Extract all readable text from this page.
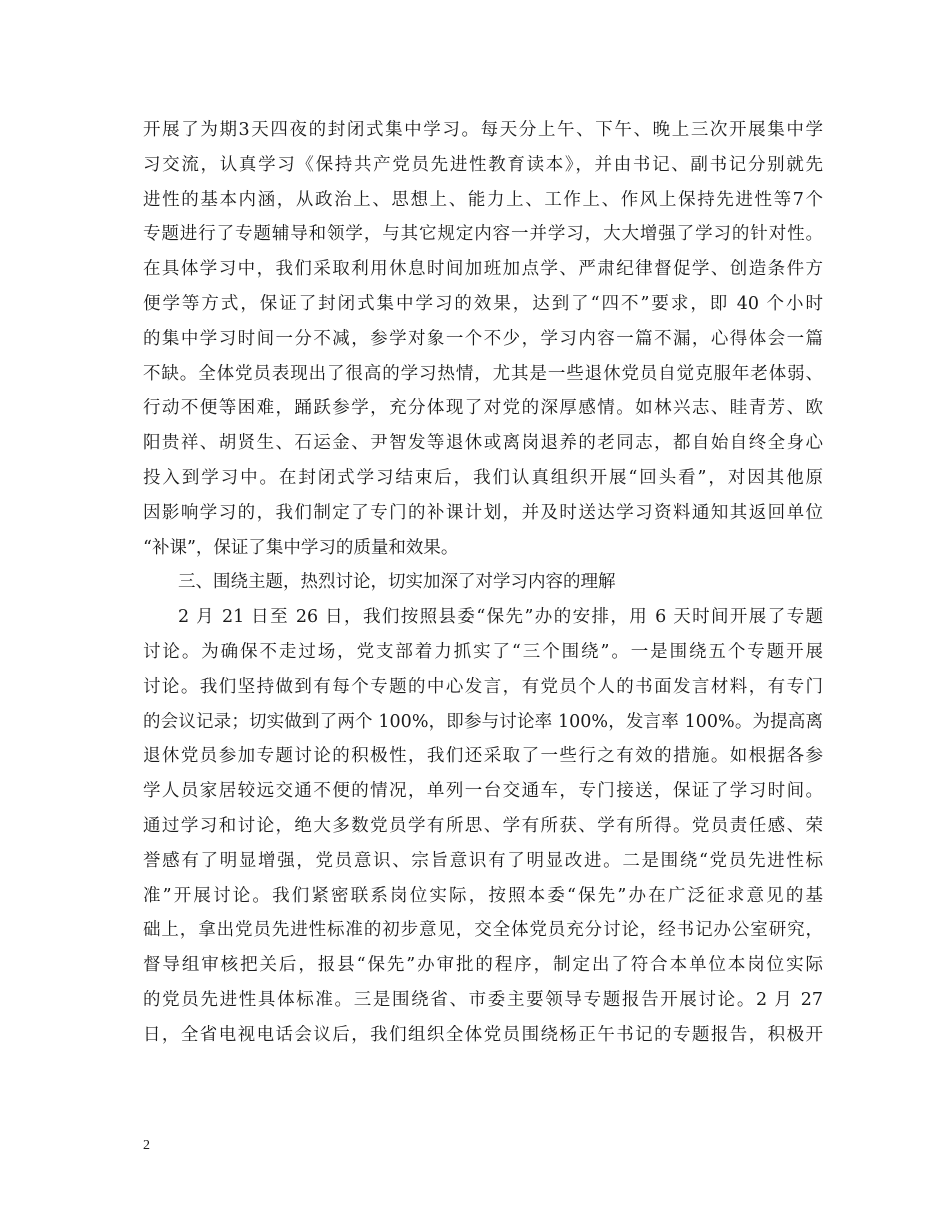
开展了为期3天四夜的封闭式集中学习。每天分上午、下午、晚上三次开展集中学
习交流，认真学习《保持共产党员先进性教育读本》，并由书记、副书记分别就先
进性的基本内涵，从政治上、思想上、能力上、工作上、作风上保持先进性等7个
专题进行了专题辅导和领学，与其它规定内容一并学习，大大增强了学习的针对性。
在具体学习中，我们采取利用休息时间加班加点学、严肃纪律督促学、创造条件方
便学等方式，保证了封闭式集中学习的效果，达到了“四不”要求，即 40 个小时
的集中学习时间一分不减，参学对象一个不少，学习内容一篇不漏，心得体会一篇
不缺。全体党员表现出了很高的学习热情，尤其是一些退休党员自觉克服年老体弱、
行动不便等困难，踊跃参学，充分体现了对党的深厚感情。如林兴志、眭青芳、欧
阳贵祥、胡贤生、石运金、尹智发等退休或离岗退养的老同志，都自始自终全身心
投入到学习中。在封闭式学习结束后，我们认真组织开展“回头看”，对因其他原
因影响学习的，我们制定了专门的补课计划，并及时送达学习资料通知其返回单位
“补课”，保证了集中学习的质量和效果。
三、围绕主题，热烈讨论，切实加深了对学习内容的理解
2 月 21 日至 26 日，我们按照县委“保先”办的安排，用 6 天时间开展了专题
讨论。为确保不走过场，党支部着力抓实了“三个围绕”。一是围绕五个专题开展
讨论。我们坚持做到有每个专题的中心发言，有党员个人的书面发言材料，有专门
的会议记录；切实做到了两个 100%，即参与讨论率 100%，发言率 100%。为提高离
退休党员参加专题讨论的积极性，我们还采取了一些行之有效的措施。如根据各参
学人员家居较远交通不便的情况，单列一台交通车，专门接送，保证了学习时间。
通过学习和讨论，绝大多数党员学有所思、学有所获、学有所得。党员责任感、荣
誉感有了明显增强，党员意识、宗旨意识有了明显改进。二是围绕“党员先进性标
准”开展讨论。我们紧密联系岗位实际，按照本委“保先”办在广泛征求意见的基
础上，拿出党员先进性标准的初步意见，交全体党员充分讨论，经书记办公室研究，
督导组审核把关后，报县“保先”办审批的程序，制定出了符合本单位本岗位实际
的党员先进性具体标准。三是围绕省、市委主要领导专题报告开展讨论。2 月 27
日，全省电视电话会议后，我们组织全体党员围绕杨正午书记的专题报告，积极开
2
